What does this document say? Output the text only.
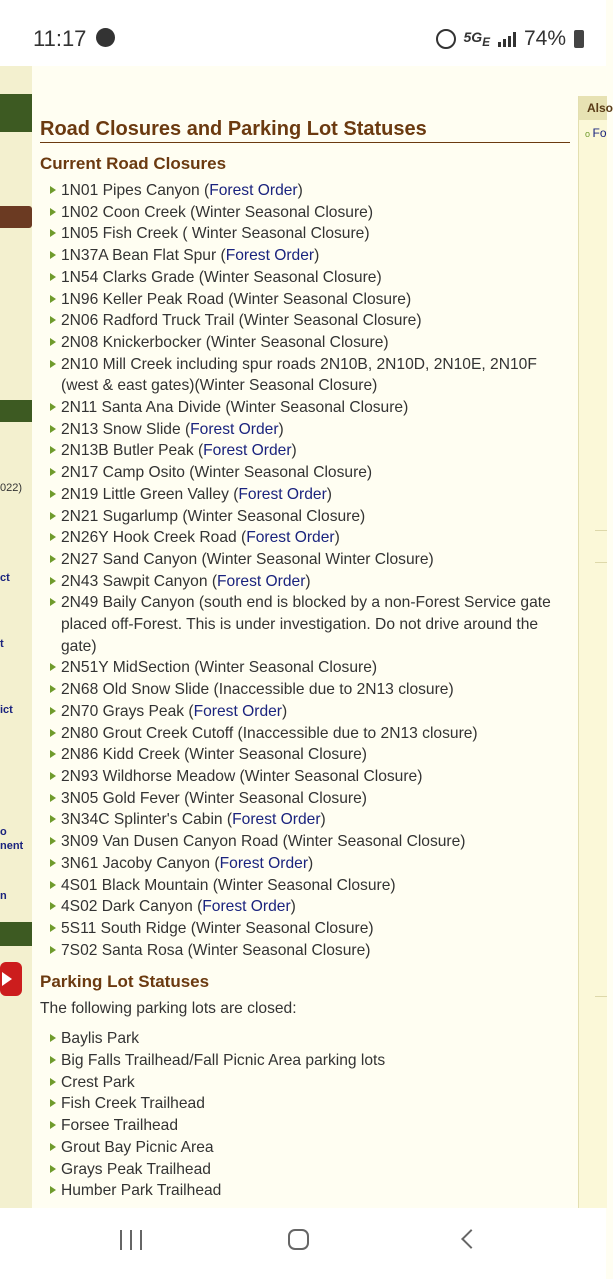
11:17	$5G_E$ 74%
022)
ct
t
ict
o
nent
n
Also
o Fo
Road Closures and Parking Lot Statuses
Current Road Closures
1N01 Pipes Canyon (Forest Order)
1N02 Coon Creek (Winter Seasonal Closure)
1N05 Fish Creek ( Winter Seasonal Closure)
1N37A Bean Flat Spur (Forest Order)
1N54 Clarks Grade (Winter Seasonal Closure)
1N96 Keller Peak Road (Winter Seasonal Closure)
2N06 Radford Truck Trail (Winter Seasonal Closure)
2N08 Knickerbocker (Winter Seasonal Closure)
2N10 Mill Creek including spur roads 2N10B, 2N10D, 2N10E, 2N10F (west & east gates)(Winter Seasonal Closure)
2N11 Santa Ana Divide (Winter Seasonal Closure)
2N13 Snow Slide (Forest Order)
2N13B Butler Peak (Forest Order)
2N17 Camp Osito (Winter Seasonal Closure)
2N19 Little Green Valley (Forest Order)
2N21 Sugarlump (Winter Seasonal Closure)
2N26Y Hook Creek Road (Forest Order)
2N27 Sand Canyon (Winter Seasonal Winter Closure)
2N43 Sawpit Canyon (Forest Order)
2N49 Baily Canyon (south end is blocked by a non-Forest Service gate placed off-Forest. This is under investigation. Do not drive around the gate)
2N51Y MidSection (Winter Seasonal Closure)
2N68 Old Snow Slide (Inaccessible due to 2N13 closure)
2N70 Grays Peak (Forest Order)
2N80 Grout Creek Cutoff (Inaccessible due to 2N13 closure)
2N86 Kidd Creek (Winter Seasonal Closure)
2N93 Wildhorse Meadow (Winter Seasonal Closure)
3N05 Gold Fever (Winter Seasonal Closure)
3N34C Splinter's Cabin (Forest Order)
3N09 Van Dusen Canyon Road (Winter Seasonal Closure)
3N61 Jacoby Canyon (Forest Order)
4S01 Black Mountain (Winter Seasonal Closure)
4S02 Dark Canyon (Forest Order)
5S11 South Ridge (Winter Seasonal Closure)
7S02 Santa Rosa (Winter Seasonal Closure)
Parking Lot Statuses
The following parking lots are closed:
Baylis Park
Big Falls Trailhead/Fall Picnic Area parking lots
Crest Park
Fish Creek Trailhead
Forsee Trailhead
Grout Bay Picnic Area
Grays Peak Trailhead
Humber Park Trailhead
